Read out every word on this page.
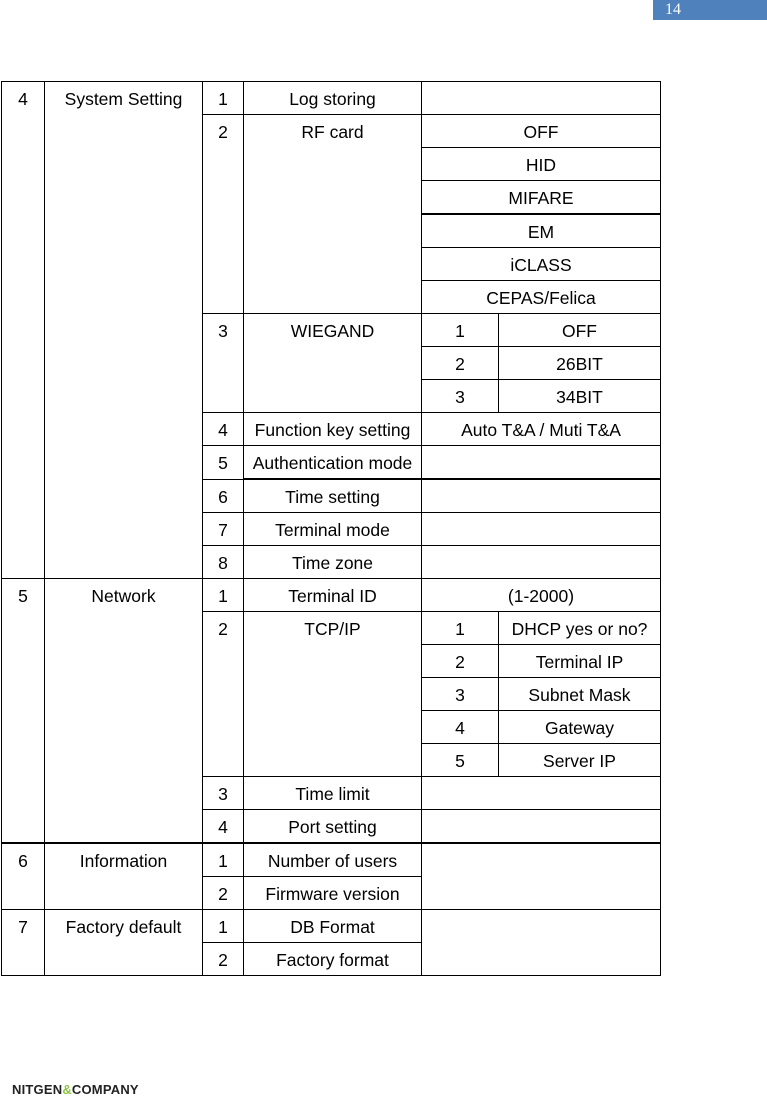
14
4	System Setting	1	Log storing		
		2	RF card	OFF	
				HID	
				MIFARE	
				EM	
				iCLASS	
				CEPAS/Felica	
		3	WIEGAND	1	OFF
				2	26BIT
				3	34BIT
		4	Function key setting	Auto T&A / Muti T&A	

		5	Authentication mode		

		6	Time setting		
		7	Terminal mode		
		8	Time zone		
5	Network	1	Terminal ID	(1-2000)	
		2	TCP/IP	1	DHCP yes or no?

				2	Terminal IP
				3	Subnet Mask
				4	Gateway
				5	Server IP
		3	Time limit		
		4	Port setting		

6	Information	1	Number of users		
		2	Firmware version		
7	Factory default	1	DB Format		
		2	Factory format		
NITGEN&COMPANY
